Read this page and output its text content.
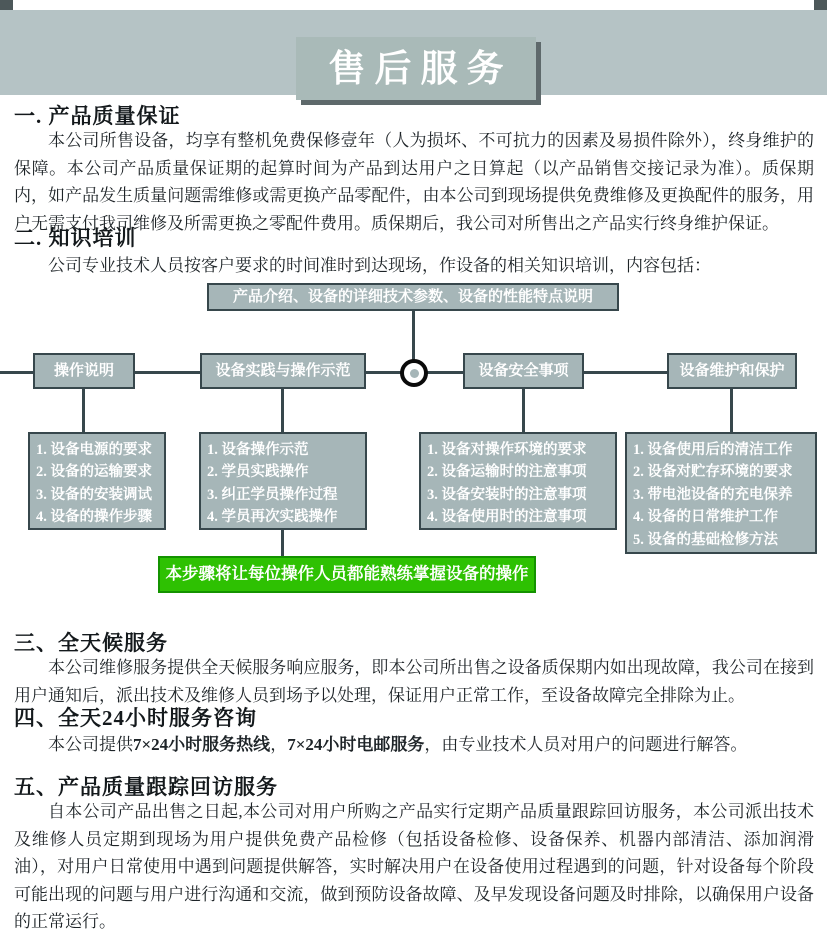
售后服务
一. 产品质量保证
本公司所售设备，均享有整机免费保修壹年（人为损坏、不可抗力的因素及易损件除外），终身维护的保障。本公司产品质量保证期的起算时间为产品到达用户之日算起（以产品销售交接记录为准）。质保期内，如产品发生质量问题需维修或需更换产品零配件，由本公司到现场提供免费维修及更换配件的服务，用户无需支付我司维修及所需更换之零配件费用。质保期后，我公司对所售出之产品实行终身维护保证。
二. 知识培训
公司专业技术人员按客户要求的时间准时到达现场，作设备的相关知识培训，内容包括：
产品介绍、设备的详细技术参数、设备的性能特点说明
操作说明	设备实践与操作示范	设备安全事项	设备维护和保护
1. 设备电源的要求
2. 设备的运输要求
3. 设备的安装调试
4. 设备的操作步骤
1. 设备操作示范
2. 学员实践操作
3. 纠正学员操作过程
4. 学员再次实践操作
1. 设备对操作环境的要求
2. 设备运输时的注意事项
3. 设备安装时的注意事项
4. 设备使用时的注意事项
1. 设备使用后的清洁工作
2. 设备对贮存环境的要求
3. 带电池设备的充电保养
4. 设备的日常维护工作
5. 设备的基础检修方法
本步骤将让每位操作人员都能熟练掌握设备的操作
三、全天候服务
本公司维修服务提供全天候服务响应服务，即本公司所出售之设备质保期内如出现故障，我公司在接到用户通知后，派出技术及维修人员到场予以处理，保证用户正常工作，至设备故障完全排除为止。
四、全天24小时服务咨询
本公司提供7×24小时服务热线，7×24小时电邮服务，由专业技术人员对用户的问题进行解答。
五、产品质量跟踪回访服务
自本公司产品出售之日起,本公司对用户所购之产品实行定期产品质量跟踪回访服务，本公司派出技术及维修人员定期到现场为用户提供免费产品检修（包括设备检修、设备保养、机器内部清洁、添加润滑油），对用户日常使用中遇到问题提供解答，实时解决用户在设备使用过程遇到的问题，针对设备每个阶段可能出现的问题与用户进行沟通和交流，做到预防设备故障、及早发现设备问题及时排除，以确保用户设备的正常运行。
